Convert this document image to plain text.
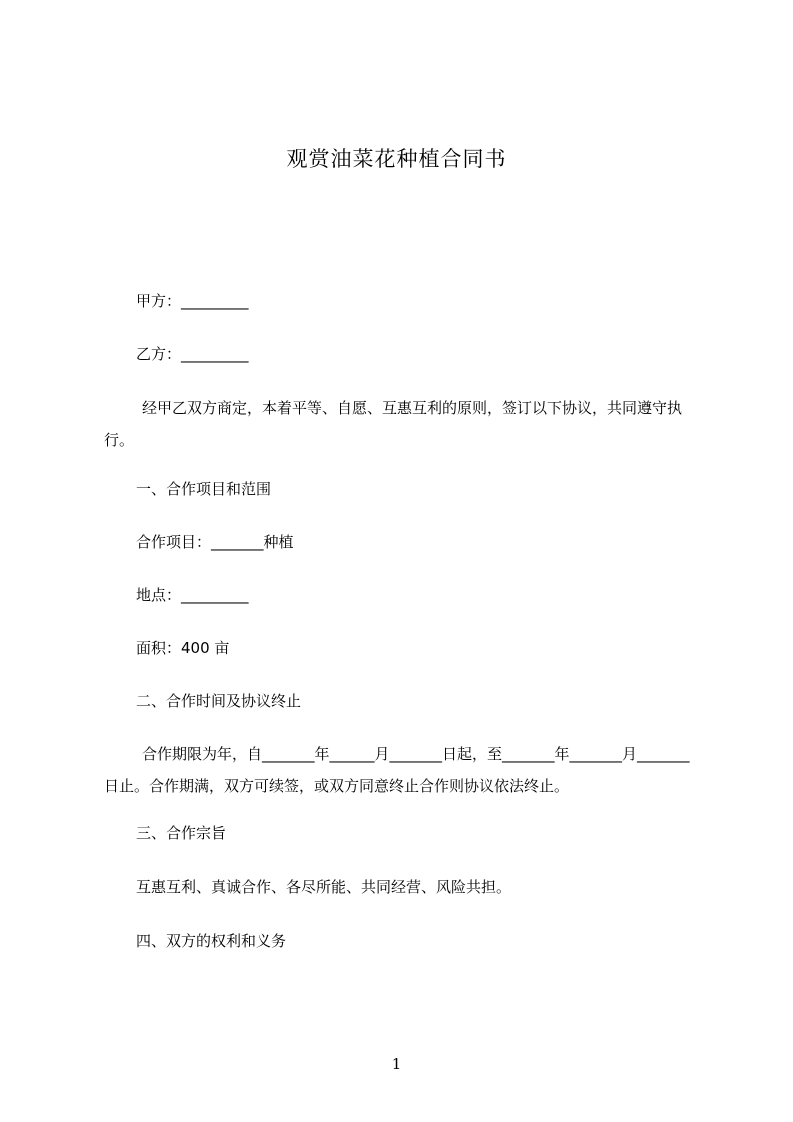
观赏油菜花种植合同书
甲方：_________
乙方：_________
经甲乙双方商定，本着平等、自愿、互惠互利的原则，签订以下协议，共同遵守执行。
一、合作项目和范围
合作项目：_______种植
地点：_________
面积：400 亩
二、合作时间及协议终止
合作期限为年，自_______年______月_______日起，至_______年_______月_______日止。合作期满，双方可续签，或双方同意终止合作则协议依法终止。
三、合作宗旨
互惠互利、真诚合作、各尽所能、共同经营、风险共担。
四、双方的权利和义务
1
